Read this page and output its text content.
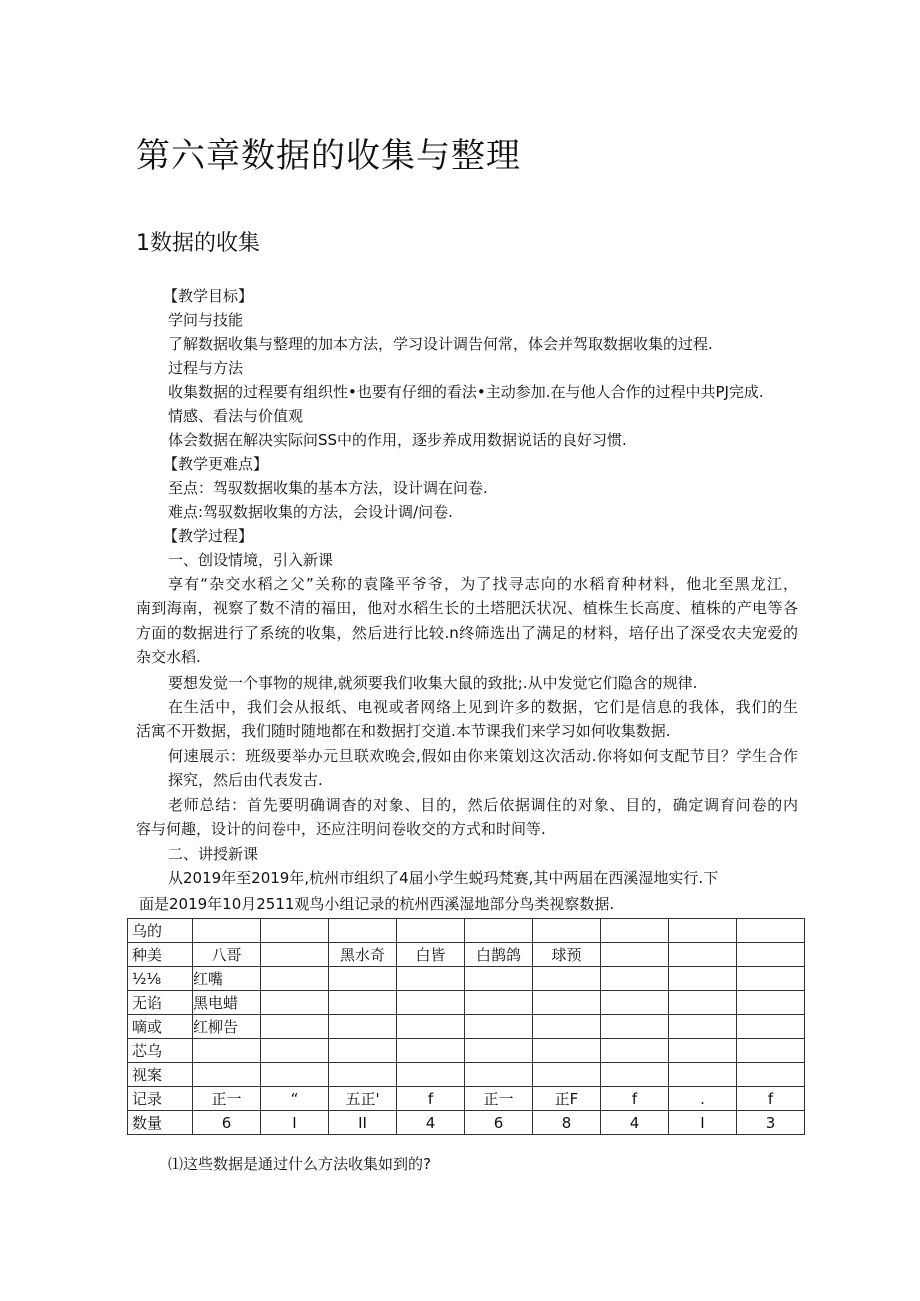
第六章数据的收集与整理
1数据的收集
【教学目标】
学问与技能
了解数据收集与整理的加本方法，学习设计调告何常，体会并驾取数据收集的过程.
过程与方法
收集数据的过程要有组织性•也要有仔细的看法•主动参加.在与他人合作的过程中共PJ完成.
情感、看法与价值观
体会数据在解决实际问SS中的作用，逐步养成用数据说话的良好习惯.
【教学更难点】
至点：驾驭数据收集的基本方法，设计调在问卷.
难点:驾驭数据收集的方法，会设计调/问卷.
【教学过程】
一、创设情境，引入新课
享有“杂交水稻之父”关称的袁隆平爷爷，为了找寻志向的水稻育种材料，他北至黑龙江，
南到海南，视察了数不清的福田，他对水稻生长的土塔肥沃状况、植株生长高度、植株的产电等各
方面的数据进行了系统的收集，然后进行比较.n终筛选出了满足的材料，培仔出了深受农夫宠爱的
杂交水稻.
要想发觉一个事物的规律,就须要我们收集大鼠的致批;.从中发觉它们隐含的规律.
在生活中，我们会从报纸、电视或者网络上见到许多的数据，它们是信息的我体，我们的生
活寓不开数据，我们随时随地都在和数据打交道.本节课我们来学习如何收集数据.
何速展示：班级要举办元旦联欢晚会,假如由你来策划这次活动.你将如何支配节目？学生合作
探究，然后由代表发古.
老师总结：首先要明确调杳的对象、目的，然后依据调住的对象、目的，确定调育问卷的内
容与何趣，设计的问卷中，还应注明问卷收交的方式和时间等.
二、讲授新课
从2019年至2019年,杭州市组织了4届小学生蜕玛梵赛,其中两届在西溪湿地实行.下
面是2019年10月2511观鸟小组记录的杭州西溪湿地部分鸟类视察数据.
乌的									
种美	八哥		黑水奇	白皆	白鹊鸽	球预			
½⅛	红嘴								
无谄	黑电蜡								
嘀或	红柳告								
芯乌									
视案									
记录	正一	“	五正'	f	正一	正F	f	.	f
数量	6	I	II	4	6	8	4	I	3
⑴这些数据是通过什么方法收集如到的?
